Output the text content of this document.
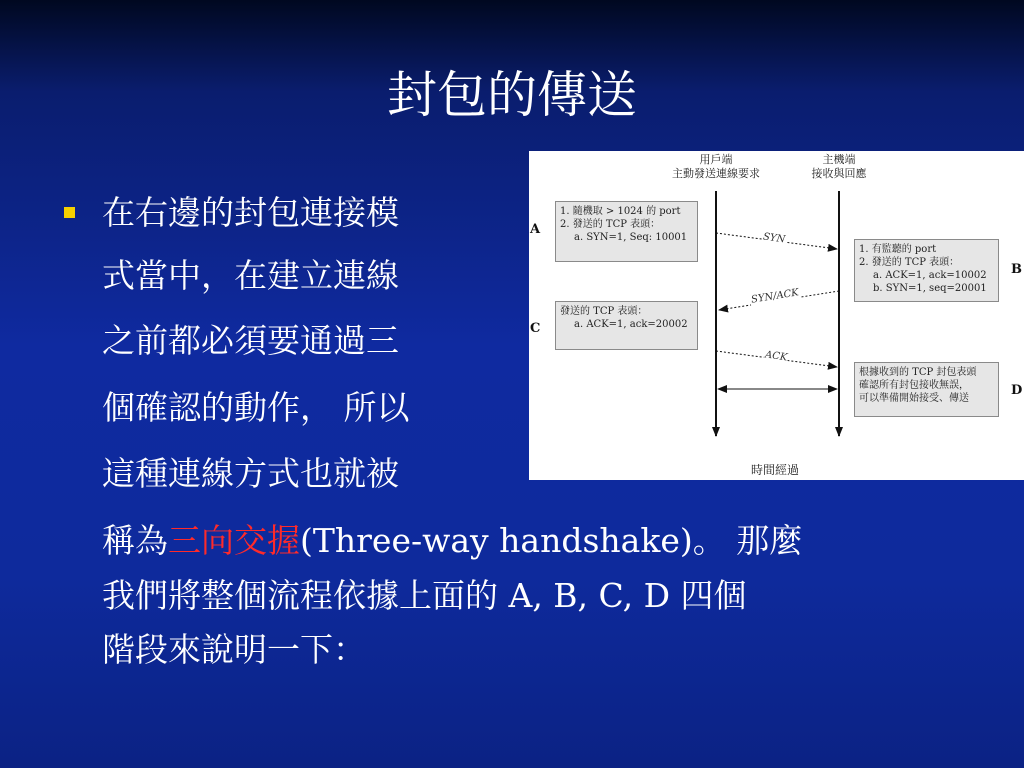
封包的傳送
在右邊的封包連接模
式當中，在建立連線
之前都必須要通過三
個確認的動作， 所以
這種連線方式也就被
稱為三向交握(Three-way handshake)。 那麼
我們將整個流程依據上面的 A, B, C, D 四個
階段來說明一下：
用戶端
主動發送連線要求
主機端
接收與回應
1. 隨機取 > 1024 的 port
2. 發送的 TCP 表頭：
a. SYN=1, Seq: 10001
A
1. 有監聽的 port
2. 發送的 TCP 表頭：
a. ACK=1, ack=10002
b. SYN=1, seq=20001
B
發送的 TCP 表頭：
a. ACK=1, ack=20002
C
根據收到的 TCP 封包表頭
確認所有封包接收無誤，
可以準備開始接受、傳送
D
SYN
SYN/ACK
ACK
時間經過
